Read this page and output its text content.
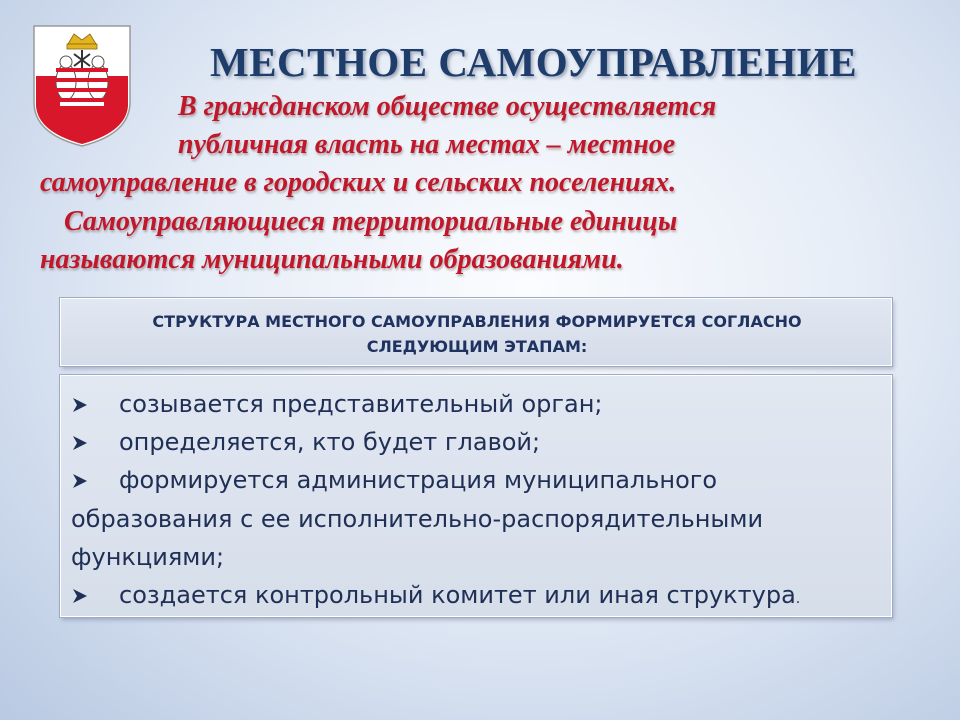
МЕСТНОЕ САМОУПРАВЛЕНИЕ
В гражданском обществе осуществляется
публичная власть на местах – местное
самоуправление в городских и сельских поселениях.
Самоуправляющиеся территориальные единицы
называются муниципальными образованиями.
СТРУКТУРА МЕСТНОГО САМОУПРАВЛЕНИЯ ФОРМИРУЕТСЯ СОГЛАСНО
СЛЕДУЮЩИМ ЭТАПАМ:
созывается представительный орган;
определяется, кто будет главой;
формируется администрация муниципального
образования с ее исполнительно-распорядительными
функциями;
создается контрольный комитет или иная структура.
